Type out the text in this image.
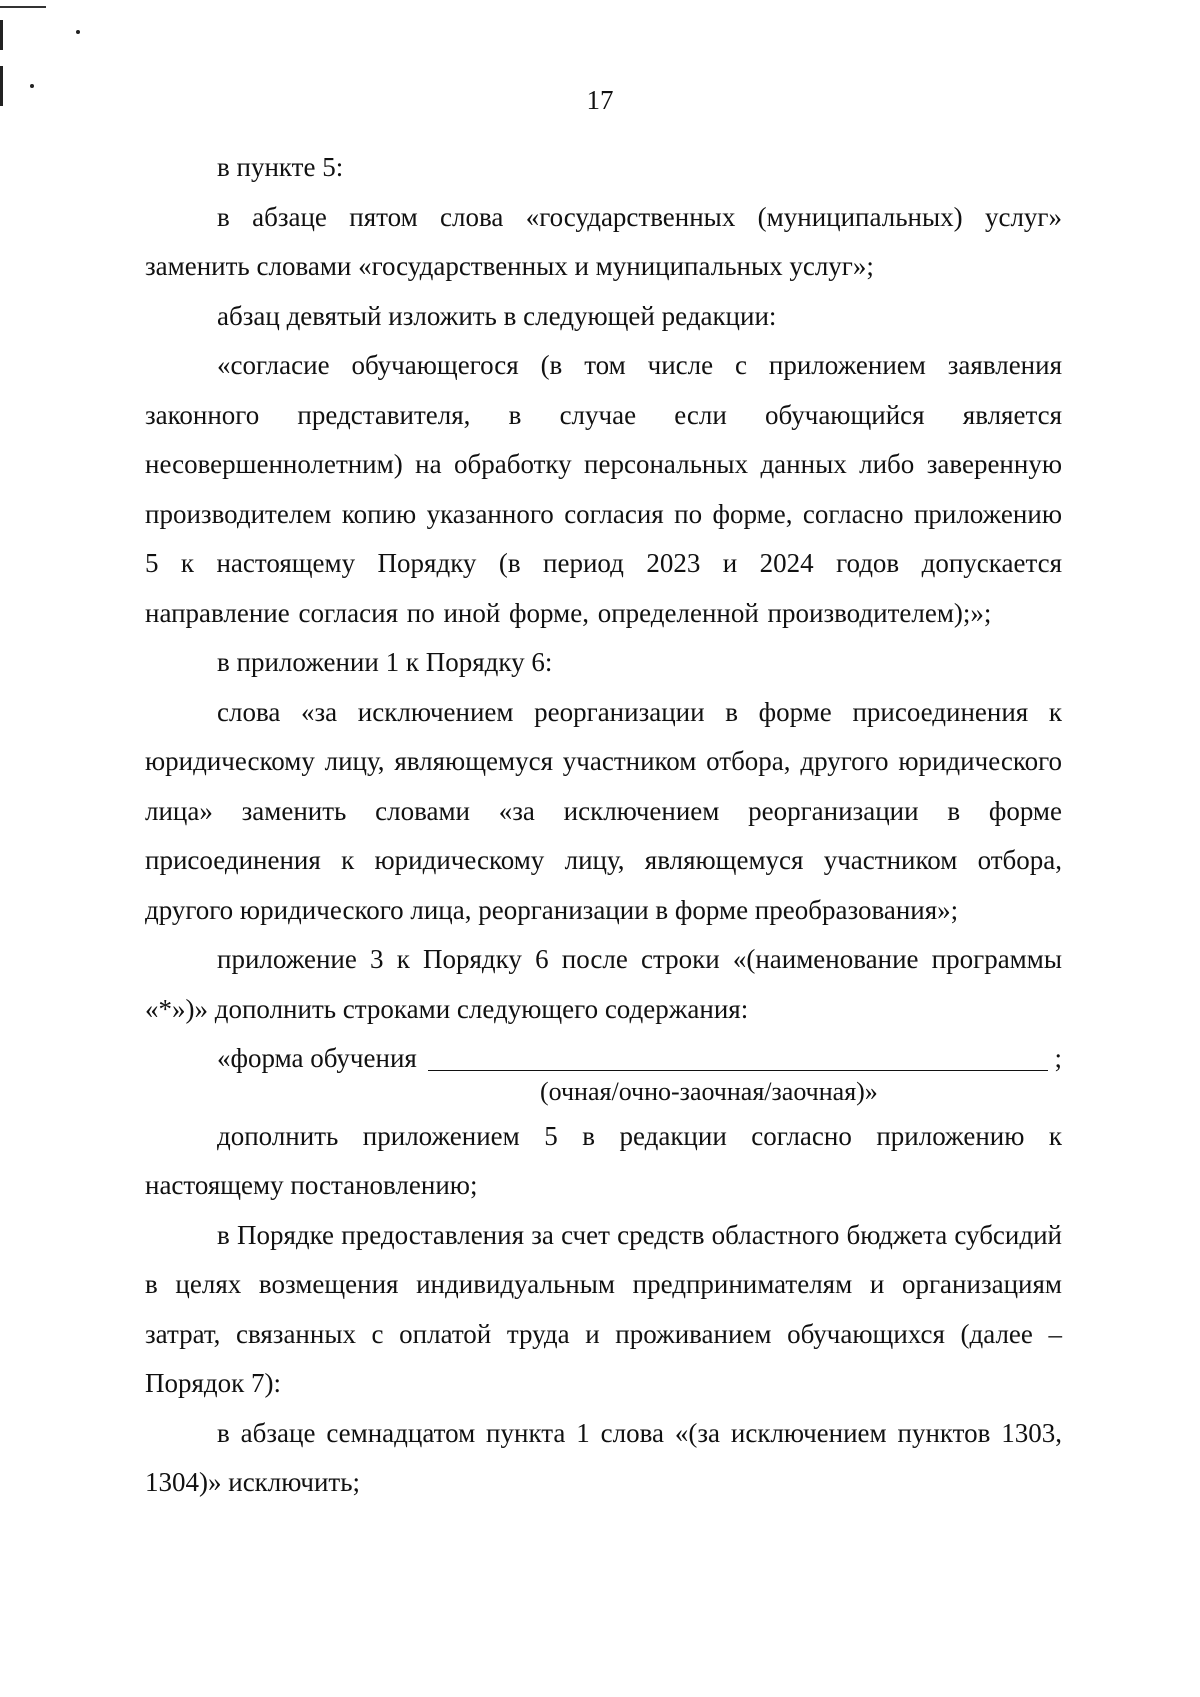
17

в пункте 5:

в абзаце пятом слова «государственных (муниципальных) услуг» заменить словами «государственных и муниципальных услуг»;

абзац девятый изложить в следующей редакции:

«согласие обучающегося (в том числе с приложением заявления законного представителя, в случае если обучающийся является несовершеннолетним) на обработку персональных данных либо заверенную производителем копию указанного согласия по форме, согласно приложению 5 к настоящему Порядку (в период 2023 и 2024 годов допускается направление согласия по иной форме, определенной производителем);»;

в приложении 1 к Порядку 6:

слова «за исключением реорганизации в форме присоединения к юридическому лицу, являющемуся участником отбора, другого юридического лица» заменить словами «за исключением реорганизации в форме присоединения к юридическому лицу, являющемуся участником отбора, другого юридического лица, реорганизации в форме преобразования»;

приложение 3 к Порядку 6 после строки «(наименование программы «*»)» дополнить строками следующего содержания:

«форма обучения	;

(очная/очно-заочная/заочная)»

дополнить приложением 5 в редакции согласно приложению к настоящему постановлению;

в Порядке предоставления за счет средств областного бюджета субсидий в целях возмещения индивидуальным предпринимателям и организациям затрат, связанных с оплатой труда и проживанием обучающихся (далее – Порядок 7):

в абзаце семнадцатом пункта 1 слова «(за исключением пунктов 1303, 1304)» исключить;
